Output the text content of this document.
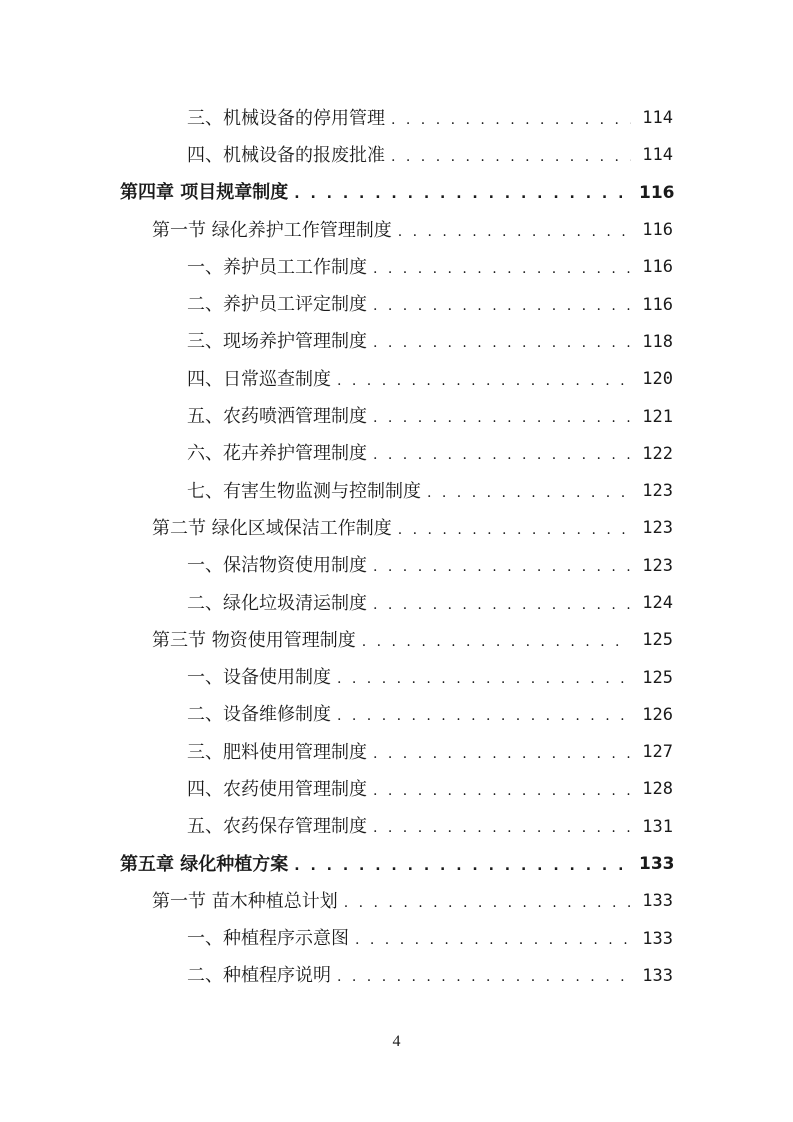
三、机械设备的停用管理 . . .	114
四、机械设备的报废批准 . . .	114
第四章 项目规章制度 . . .	116
第一节 绿化养护工作管理制度 . . .	116
一、养护员工工作制度 . . .	116
二、养护员工评定制度 . . .	116
三、现场养护管理制度 . . .	118
四、日常巡查制度 . . .	120
五、农药喷洒管理制度 . . .	121
六、花卉养护管理制度 . . .	122
七、有害生物监测与控制制度 . . .	123
第二节 绿化区域保洁工作制度 . . .	123
一、保洁物资使用制度 . . .	123
二、绿化垃圾清运制度 . . .	124
第三节 物资使用管理制度 . . .	125
一、设备使用制度 . . .	125
二、设备维修制度 . . .	126
三、肥料使用管理制度 . . .	127
四、农药使用管理制度 . . .	128
五、农药保存管理制度 . . .	131
第五章 绿化种植方案 . . .	133
第一节 苗木种植总计划 . . .	133
一、种植程序示意图 . . .	133
二、种植程序说明 . . .	133
4
